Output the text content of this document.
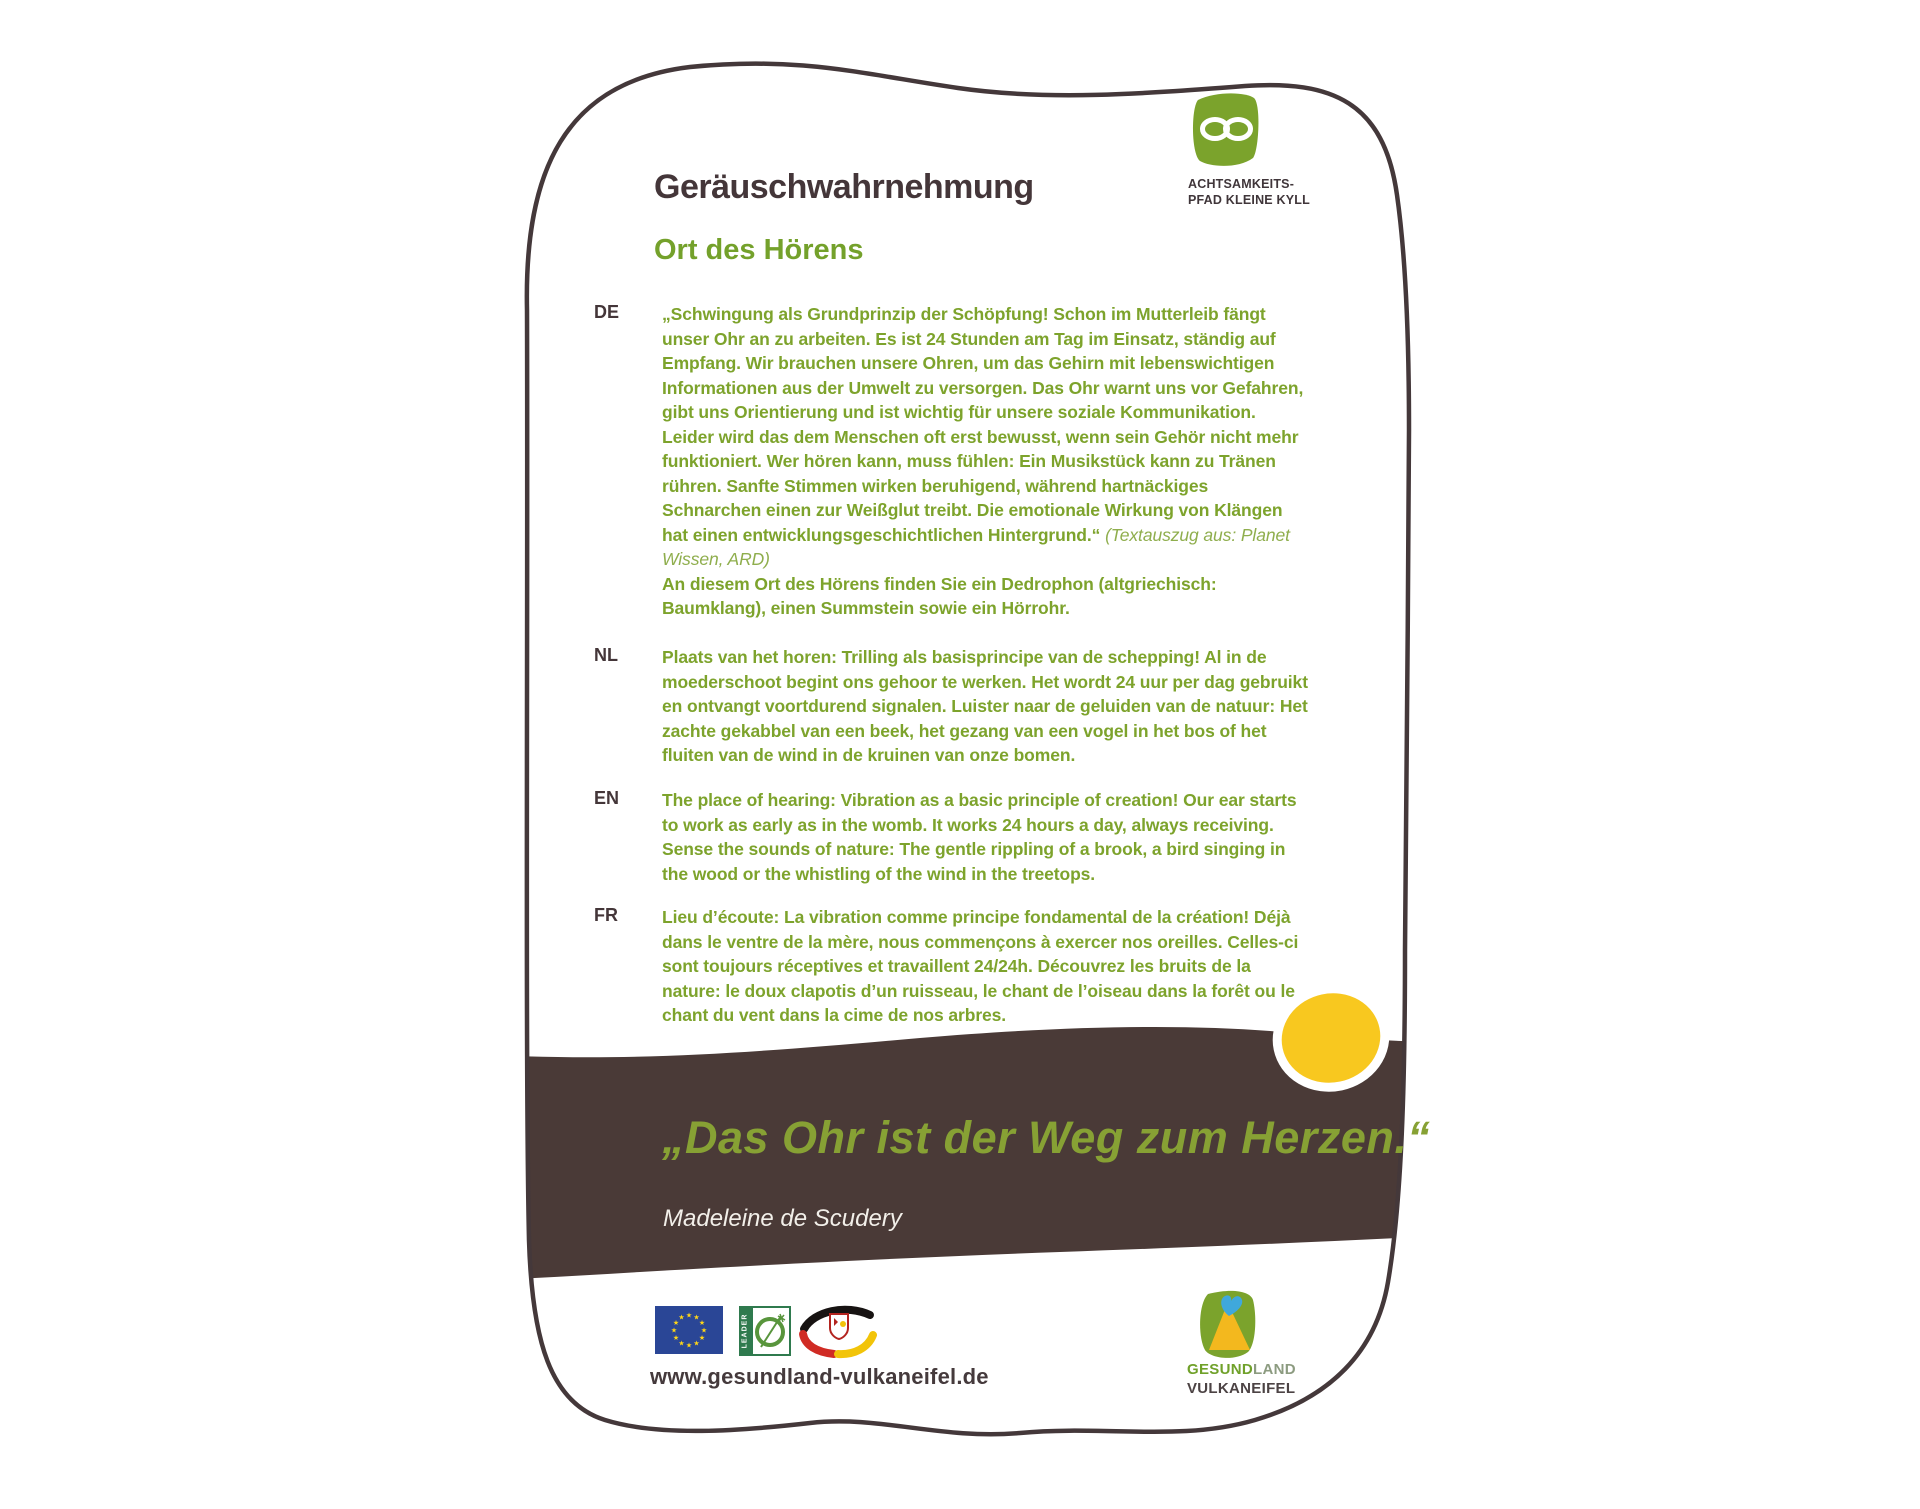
ACHTSAMKEITS-
PFAD KLEINE KYLL
Geräuschwahrnehmung
Ort des Hörens
DE	„Schwingung als Grundprinzip der Schöpfung! Schon im Mutterleib fängt unser Ohr an zu arbeiten. Es ist 24 Stunden am Tag im Einsatz, ständig auf Empfang. Wir brauchen unsere Ohren, um das Gehirn mit lebenswichtigen Informationen aus der Umwelt zu versorgen. Das Ohr warnt uns vor Gefahren, gibt uns Orientierung und ist wichtig für unsere soziale Kommunikation. Leider wird das dem Menschen oft erst bewusst, wenn sein Gehör nicht mehr funktioniert. Wer hören kann, muss fühlen: Ein Musikstück kann zu Tränen rühren. Sanfte Stimmen wirken beruhigend, während hartnäckiges Schnarchen einen zur Weißglut treibt. Die emotionale Wirkung von Klängen hat einen entwicklungsgeschichtlichen Hintergrund.“ (Textauszug aus: Planet Wissen, ARD)
An diesem Ort des Hörens finden Sie ein Dedrophon (altgriechisch: Baumklang), einen Summstein sowie ein Hörrohr.
NL	Plaats van het horen: Trilling als basisprincipe van de schepping! Al in de moederschoot begint ons gehoor te werken. Het wordt 24 uur per dag gebruikt en ontvangt voortdurend signalen. Luister naar de geluiden van de natuur: Het zachte gekabbel van een beek, het gezang van een vogel in het bos of het fluiten van de wind in de kruinen van onze bomen.
EN	The place of hearing: Vibration as a basic principle of creation! Our ear starts to work as early as in the womb. It works 24 hours a day, always receiving. Sense the sounds of nature: The gentle rippling of a brook, a bird singing in the wood or the whistling of the wind in the treetops.
FR	Lieu d’écoute: La vibration comme principe fondamental de la création! Déjà dans le ventre de la mère, nous commençons à exercer nos oreilles. Celles-ci sont toujours réceptives et travaillent 24/24h. Découvrez les bruits de la nature: le doux clapotis d’un ruisseau, le chant de l’oiseau dans la forêt ou le chant du vent dans la cime de nos arbres.
„Das Ohr ist der Weg zum Herzen.“
Madeleine de Scudery
★ ★
★
★
★
★
★
★
★
★
★
★	LEADER
www.gesundland-vulkaneifel.de	GESUNDLAND
VULKANEIFEL
